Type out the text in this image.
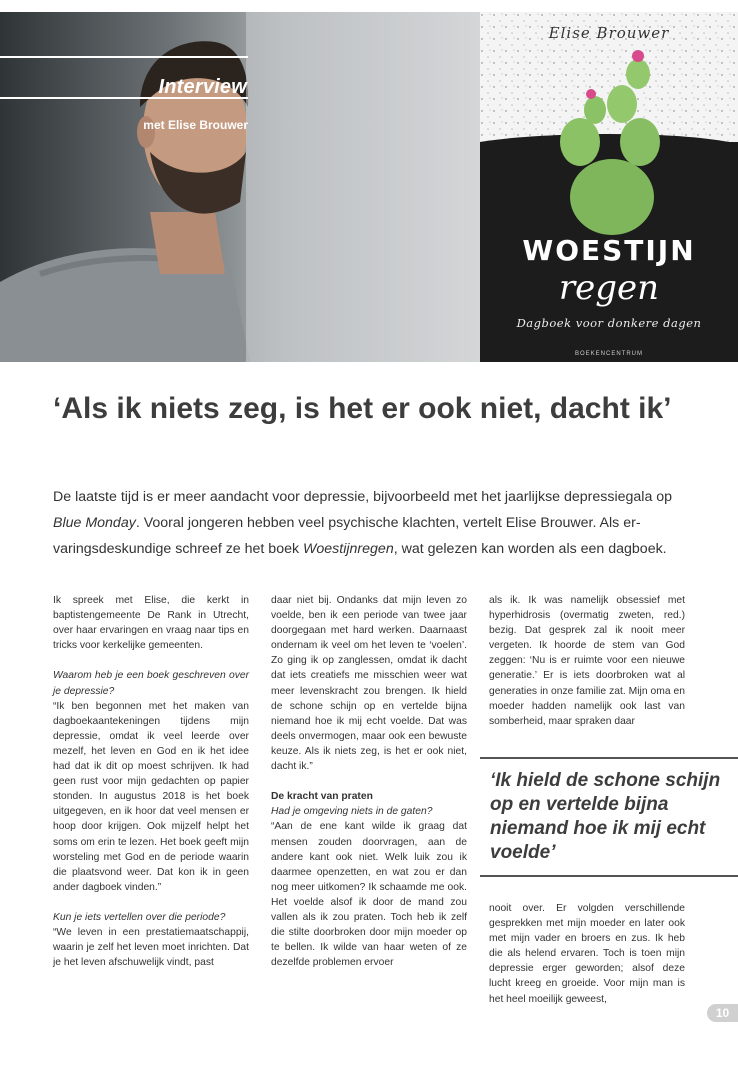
Interview
met Elise Brouwer
Elise Brouwer
WOESTIJN
regen
Dagboek voor donkere dagen
BOEKENCENTRUM
‘Als ik niets zeg, is het er ook niet, dacht ik’

De laatste tijd is er meer aandacht voor depressie, bijvoorbeeld met het jaarlijkse depressiegala op Blue Monday. Vooral jongeren hebben veel psychische klachten, vertelt Elise Brouwer. Als ervaringsdeskundige schreef ze het boek Woestijnregen, wat gelezen kan worden als een dagboek.

Ik spreek met Elise, die kerkt in baptistengemeente De Rank in Utrecht, over haar ervaringen en vraag naar tips en tricks voor kerkelijke gemeenten.

Waarom heb je een boek geschreven over je depressie?

“Ik ben begonnen met het maken van dagboekaantekeningen tijdens mijn depressie, omdat ik veel leerde over mezelf, het leven en God en ik het idee had dat ik dit op moest schrijven. Ik had geen rust voor mijn gedachten op papier stonden. In augustus 2018 is het boek uitgegeven, en ik hoor dat veel mensen er hoop door krijgen. Ook mijzelf helpt het soms om erin te lezen. Het boek geeft mijn worsteling met God en de periode waarin die plaatsvond weer. Dat kon ik in geen ander dagboek vinden.”

Kun je iets vertellen over die periode?

“We leven in een prestatiemaatschappij, waarin je zelf het leven moet inrichten. Dat je het leven afschuwelijk vindt, past

daar niet bij. Ondanks dat mijn leven zo voelde, ben ik een periode van twee jaar doorgegaan met hard werken. Daarnaast ondernam ik veel om het leven te ‘voelen’. Zo ging ik op zanglessen, omdat ik dacht dat iets creatiefs me misschien weer wat meer levenskracht zou brengen. Ik hield de schone schijn op en vertelde bijna niemand hoe ik mij echt voelde. Dat was deels onvermogen, maar ook een bewuste keuze. Als ik niets zeg, is het er ook niet, dacht ik.”

De kracht van praten

Had je omgeving niets in de gaten?

“Aan de ene kant wilde ik graag dat mensen zouden doorvragen, aan de andere kant ook niet. Welk luik zou ik daarmee openzetten, en wat zou er dan nog meer uitkomen? Ik schaamde me ook. Het voelde alsof ik door de mand zou vallen als ik zou praten. Toch heb ik zelf die stilte doorbroken door mijn moeder op te bellen. Ik wilde van haar weten of ze dezelfde problemen ervoer

als ik. Ik was namelijk obsessief met hyperhidrosis (overmatig zweten, red.) bezig. Dat gesprek zal ik nooit meer vergeten. Ik hoorde de stem van God zeggen: ‘Nu is er ruimte voor een nieuwe generatie.’ Er is iets doorbroken wat al generaties in onze familie zat. Mijn oma en moeder hadden namelijk ook last van somberheid, maar spraken daar

‘Ik hield de schone schijn op en vertelde bijna niemand hoe ik mij echt voelde’

nooit over. Er volgden verschillende gesprekken met mijn moeder en later ook met mijn vader en broers en zus. Ik heb die als helend ervaren. Toch is toen mijn depressie erger geworden; alsof deze lucht kreeg en groeide. Voor mijn man is het heel moeilijk geweest,

10
